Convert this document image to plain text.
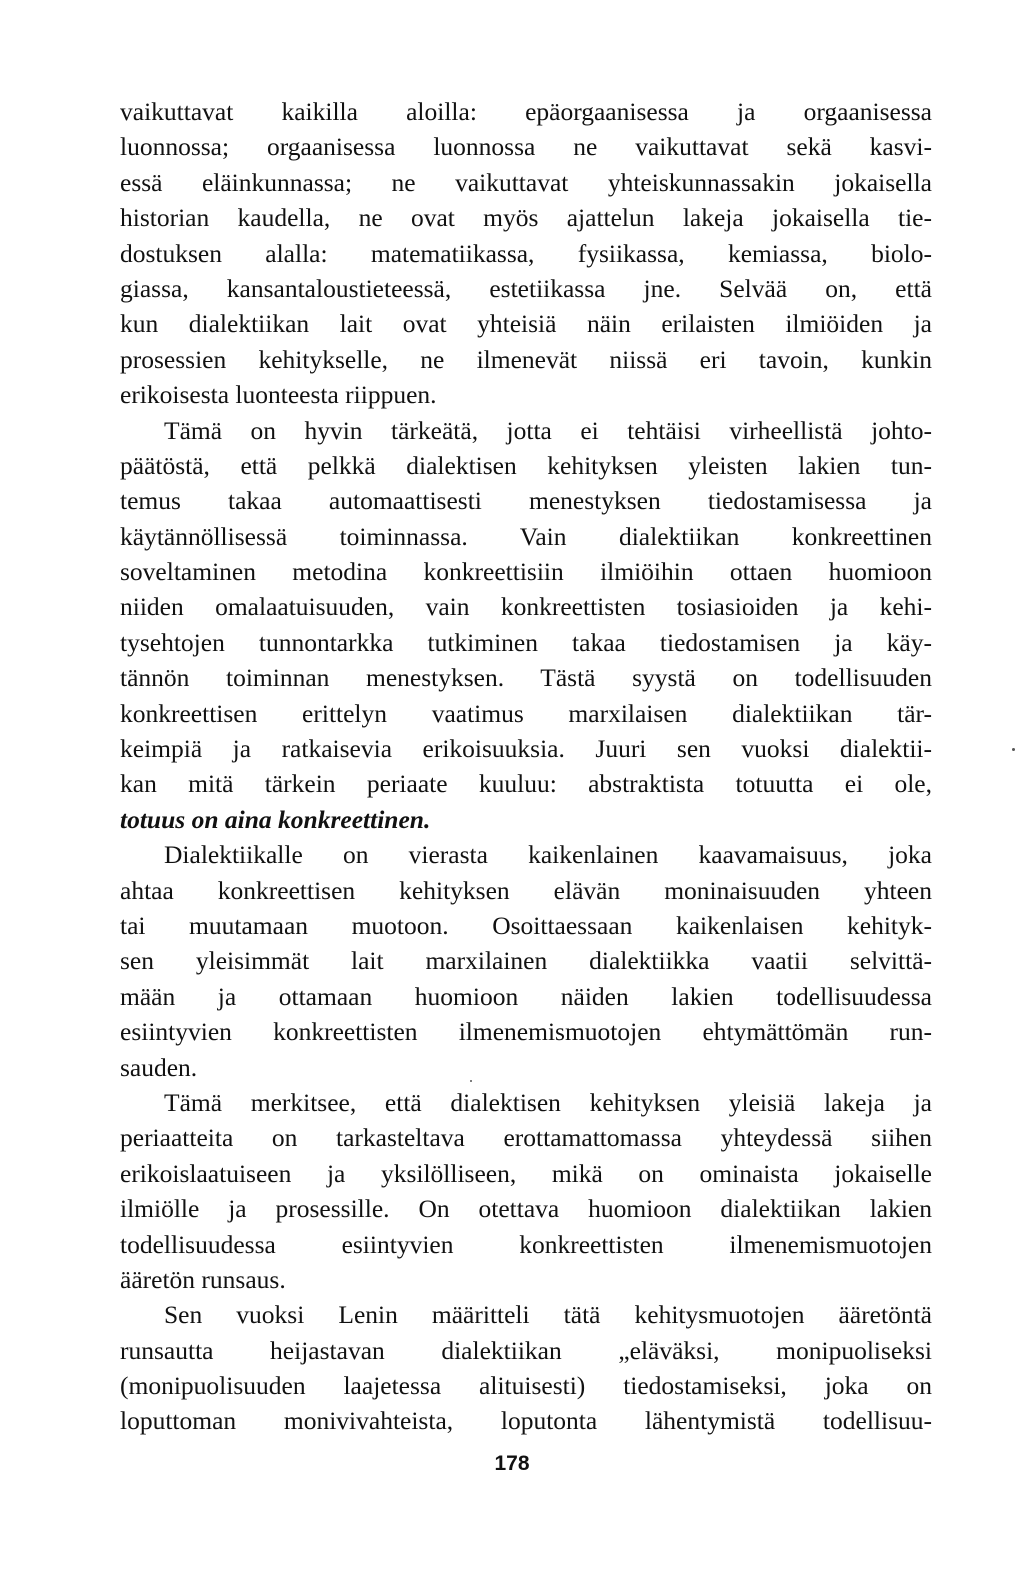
vaikuttavat kaikilla aloilla: epäorgaanisessa ja orgaanisessa
luonnossa; orgaanisessa luonnossa ne vaikuttavat sekä kasvi-
essä eläinkunnassa; ne vaikuttavat yhteiskunnassakin jokaisella
historian kaudella, ne ovat myös ajattelun lakeja jokaisella tie-
dostuksen alalla: matematiikassa, fysiikassa, kemiassa, biolo-
giassa, kansantaloustieteessä, estetiikassa jne. Selvää on, että
kun dialektiikan lait ovat yhteisiä näin erilaisten ilmiöiden ja
prosessien kehitykselle, ne ilmenevät niissä eri tavoin, kunkin
erikoisesta luonteesta riippuen.
Tämä on hyvin tärkeätä, jotta ei tehtäisi virheellistä johto-
päätöstä, että pelkkä dialektisen kehityksen yleisten lakien tun-
temus takaa automaattisesti menestyksen tiedostamisessa ja
käytännöllisessä toiminnassa. Vain dialektiikan konkreettinen
soveltaminen metodina konkreettisiin ilmiöihin ottaen huomioon
niiden omalaatuisuuden, vain konkreettisten tosiasioiden ja kehi-
tysehtojen tunnontarkka tutkiminen takaa tiedostamisen ja käy-
tännön toiminnan menestyksen. Tästä syystä on todellisuuden
konkreettisen erittelyn vaatimus marxilaisen dialektiikan tär-
keimpiä ja ratkaisevia erikoisuuksia. Juuri sen vuoksi dialektii-
kan mitä tärkein periaate kuuluu: abstraktista totuutta ei ole,
totuus on aina konkreettinen.
Dialektiikalle on vierasta kaikenlainen kaavamaisuus, joka
ahtaa konkreettisen kehityksen elävän moninaisuuden yhteen
tai muutamaan muotoon. Osoittaessaan kaikenlaisen kehityk-
sen yleisimmät lait marxilainen dialektiikka vaatii selvittä-
mään ja ottamaan huomioon näiden lakien todellisuudessa
esiintyvien konkreettisten ilmenemismuotojen ehtymättömän run-
sauden.
Tämä merkitsee, että dialektisen kehityksen yleisiä lakeja ja
periaatteita on tarkasteltava erottamattomassa yhteydessä siihen
erikoislaatuiseen ja yksilölliseen, mikä on ominaista jokaiselle
ilmiölle ja prosessille. On otettava huomioon dialektiikan lakien
todellisuudessa esiintyvien konkreettisten ilmenemismuotojen
ääretön runsaus.
Sen vuoksi Lenin määritteli tätä kehitysmuotojen ääretöntä
runsautta heijastavan dialektiikan „eläväksi, monipuoliseksi
(monipuolisuuden laajetessa alituisesti) tiedostamiseksi, joka on
loputtoman monivivahteista, loputonta lähentymistä todellisuu-
178
